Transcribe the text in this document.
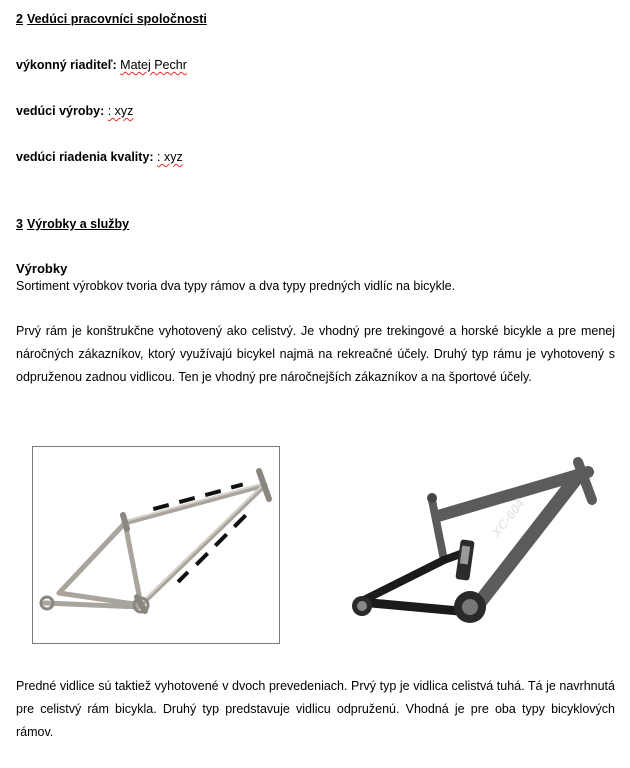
2 Vedúci pracovníci spoločnosti
výkonný riaditeľ: Matej Pechr
vedúci výroby: : xyz
vedúci riadenia kvality: : xyz
3 Výrobky a služby
Výrobky
Sortiment výrobkov tvoria dva typy rámov a dva typy predných vidlíc na bicykle.
Prvý rám je konštrukčne vyhotovený ako celistvý. Je vhodný pre trekingové a horské bicykle a pre menej náročných zákazníkov, ktorý využívajú bicykel najmä na rekreačné účely. Druhý typ rámu je vyhotovený s odpruženou zadnou vidlicou. Ten je vhodný pre náročnejších zákazníkov a na športové účely.
XC-604
Predné vidlice sú taktiež vyhotovené v dvoch prevedeniach. Prvý typ je vidlica celistvá tuhá. Tá je navrhnutá pre celistvý rám bicykla. Druhý typ predstavuje vidlicu odpruženú. Vhodná je pre oba typy bicyklových rámov.
